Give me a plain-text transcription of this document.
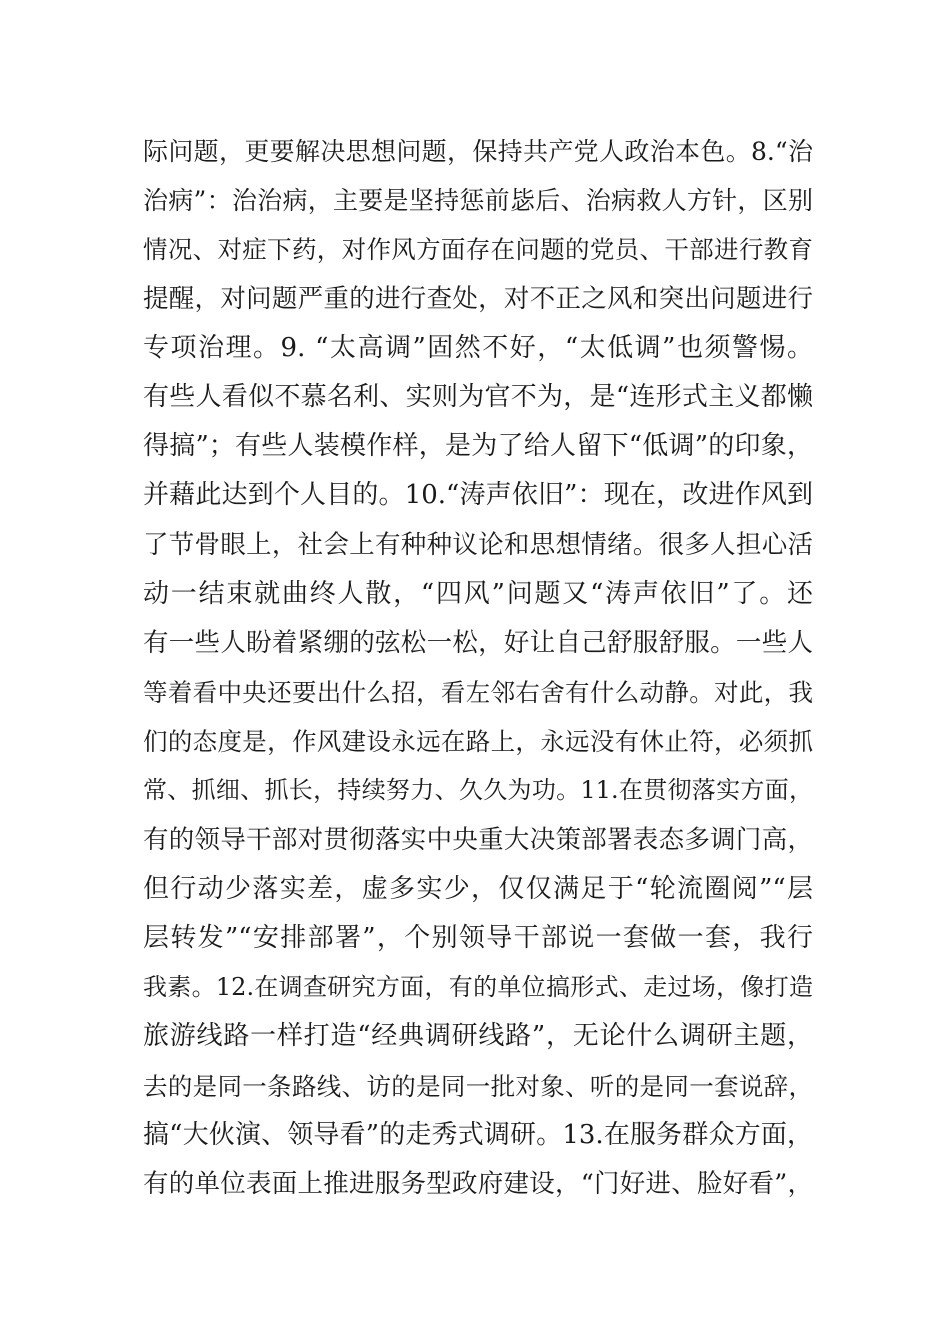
际问题，更要解决思想问题，保持共产党人政治本色。8.“治
治病”：治治病，主要是坚持惩前毖后、治病救人方针，区别
情况、对症下药，对作风方面存在问题的党员、干部进行教育
提醒，对问题严重的进行查处，对不正之风和突出问题进行
专项治理。9. “太高调”固然不好，“太低调”也须警惕。
有些人看似不慕名利、实则为官不为，是“连形式主义都懒
得搞”；有些人装模作样，是为了给人留下“低调”的印象，
并藉此达到个人目的。10.“涛声依旧”：现在，改进作风到
了节骨眼上，社会上有种种议论和思想情绪。很多人担心活
动一结束就曲终人散，“四风”问题又“涛声依旧”了。还
有一些人盼着紧绷的弦松一松，好让自己舒服舒服。一些人
等着看中央还要出什么招，看左邻右舍有什么动静。对此，我
们的态度是，作风建设永远在路上，永远没有休止符，必须抓
常、抓细、抓长，持续努力、久久为功。11.在贯彻落实方面，
有的领导干部对贯彻落实中央重大决策部署表态多调门高，
但行动少落实差，虚多实少，仅仅满足于“轮流圈阅”“层
层转发”“安排部署”，个别领导干部说一套做一套，我行
我素。12.在调查研究方面，有的单位搞形式、走过场，像打造
旅游线路一样打造“经典调研线路”，无论什么调研主题，
去的是同一条路线、访的是同一批对象、听的是同一套说辞，
搞“大伙演、领导看”的走秀式调研。13.在服务群众方面，
有的单位表面上推进服务型政府建设，“门好进、脸好看”，
